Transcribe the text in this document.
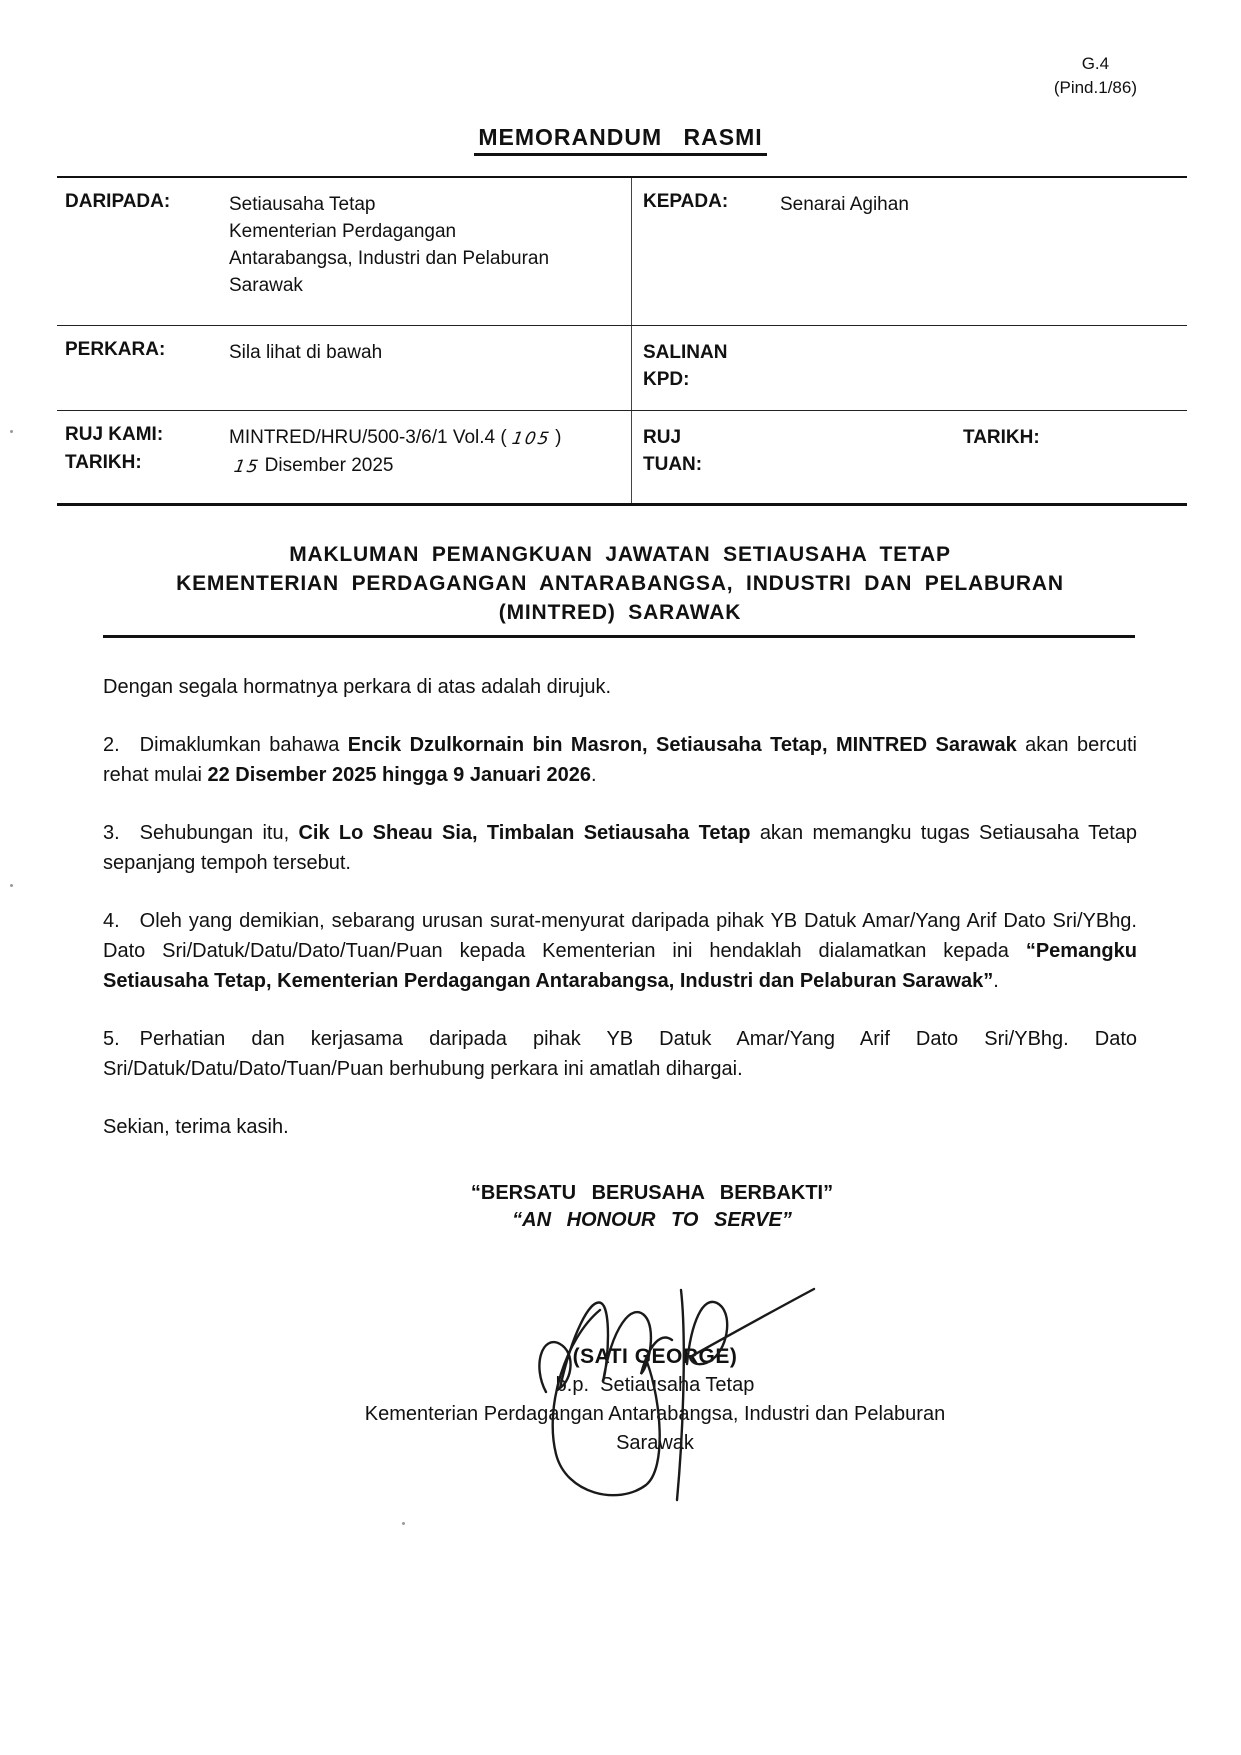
G.4
(Pind.1/86)
MEMORANDUM RASMI
DARIPADA:	Setiausaha Tetap
Kementerian Perdagangan
Antarabangsa, Industri dan Pelaburan
Sarawak
KEPADA:	Senarai Agihan
PERKARA:	Sila lihat di bawah	SALINAN
KPD:
RUJ KAMI:	MINTRED/HRU/500-3/6/1 Vol.4 ( 105 )
TARIKH:	15 Disember 2025
RUJ
TUAN:
TARIKH:
MAKLUMAN PEMANGKUAN JAWATAN SETIAUSAHA TETAP
KEMENTERIAN PERDAGANGAN ANTARABANGSA, INDUSTRI DAN PELABURAN
(MINTRED) SARAWAK

Dengan segala hormatnya perkara di atas adalah dirujuk.

2. Dimaklumkan bahawa Encik Dzulkornain bin Masron, Setiausaha Tetap, MINTRED Sarawak akan bercuti rehat mulai 22 Disember 2025 hingga 9 Januari 2026.

3. Sehubungan itu, Cik Lo Sheau Sia, Timbalan Setiausaha Tetap akan memangku tugas Setiausaha Tetap sepanjang tempoh tersebut.

4. Oleh yang demikian, sebarang urusan surat-menyurat daripada pihak YB Datuk Amar/Yang Arif Dato Sri/YBhg. Dato Sri/Datuk/Datu/Dato/Tuan/Puan kepada Kementerian ini hendaklah dialamatkan kepada “Pemangku Setiausaha Tetap, Kementerian Perdagangan Antarabangsa, Industri dan Pelaburan Sarawak”.

5. Perhatian dan kerjasama daripada pihak YB Datuk Amar/Yang Arif Dato Sri/YBhg. Dato Sri/Datuk/Datu/Dato/Tuan/Puan berhubung perkara ini amatlah dihargai.

Sekian, terima kasih.

“BERSATU BERUSAHA BERBAKTI”
“AN HONOUR TO SERVE”
(SATI GEORGE)
b.p.  Setiausaha Tetap
Kementerian Perdagangan Antarabangsa, Industri dan Pelaburan
Sarawak
